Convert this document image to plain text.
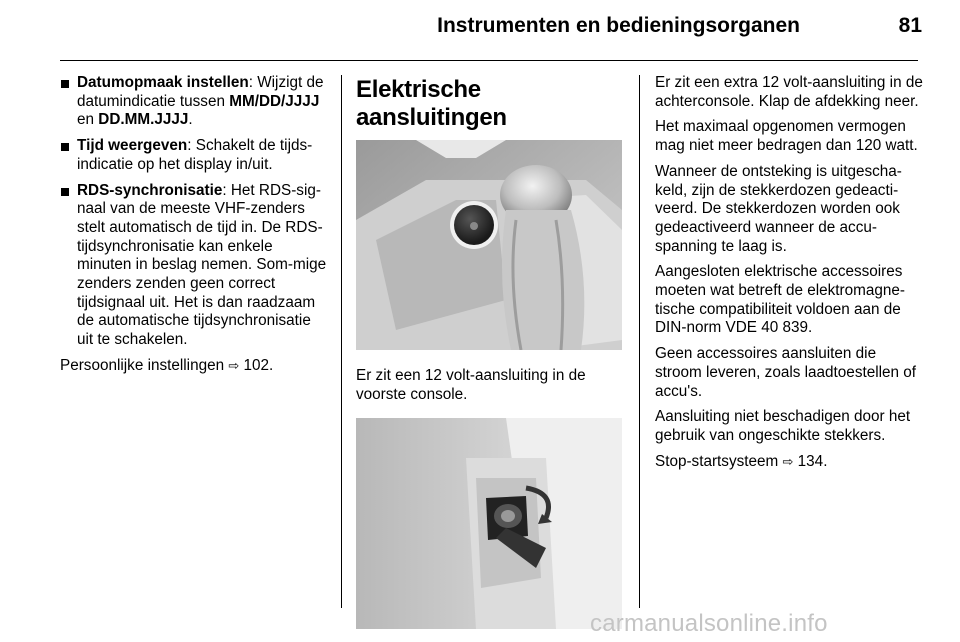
Instrumenten en bedieningsorganen	81
Datumopmaak instellen: Wijzigt de datumindicatie tussen MM/DD/​JJJJ en DD.MM.JJJJ.
Tijd weergeven: Schakelt de tijds-indicatie op het display in/uit.
RDS-synchronisatie: Het RDS-sig-naal van de meeste VHF-zenders stelt automatisch de tijd in. De RDS-tijdsynchronisatie kan enkele minuten in beslag nemen. Som-mige zenders zenden geen correct tijdsignaal uit. Het is dan raadzaam de automatische tijdsynchronisatie uit te schakelen.
Persoonlijke instellingen ⇨ 102.
Elektrische aansluitingen
Er zit een 12 volt-aansluiting in de voorste console.
Er zit een extra 12 volt-aansluiting in de achterconsole. Klap de afdekking neer.
Het maximaal opgenomen vermogen mag niet meer bedragen dan 120 watt.
Wanneer de ontsteking is uitgescha-keld, zijn de stekkerdozen gedeacti-veerd. De stekkerdozen worden ook gedeactiveerd wanneer de accu-spanning te laag is.
Aangesloten elektrische accessoires moeten wat betreft de elektromagne-tische compatibiliteit voldoen aan de DIN-norm VDE 40 839.
Geen accessoires aansluiten die stroom leveren, zoals laadtoestellen of accu's.
Aansluiting niet beschadigen door het gebruik van ongeschikte stekkers.
Stop-startsysteem ⇨ 134.
carmanualsonline.info
